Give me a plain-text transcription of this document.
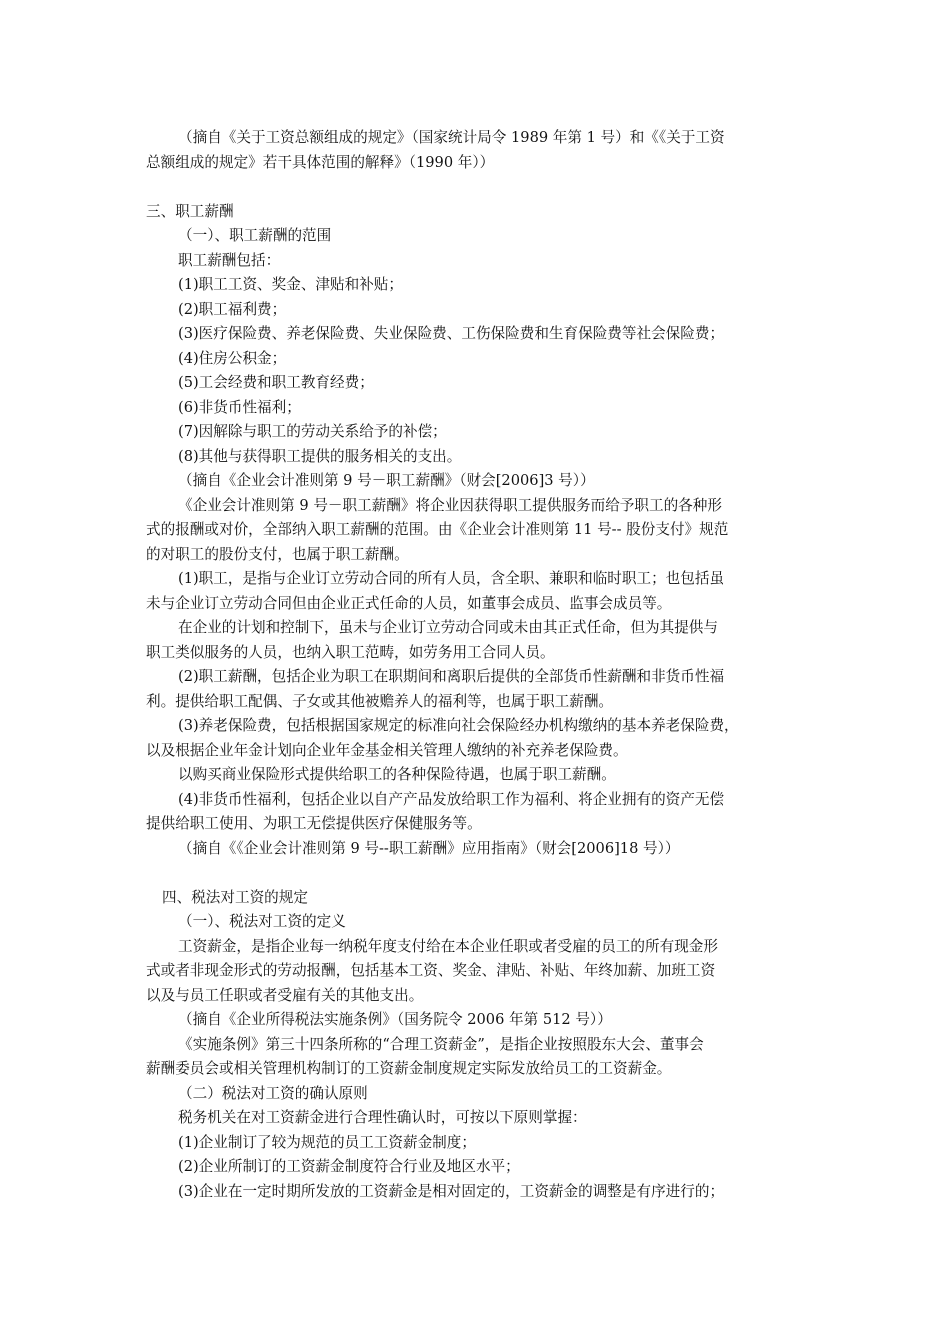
（摘自《关于工资总额组成的规定》（国家统计局令 1989 年第 1 号）和《《关于工资

总额组成的规定》若干具体范围的解释》（1990 年））

三、职工薪酬

（一）、职工薪酬的范围

职工薪酬包括：

(1)职工工资、奖金、津贴和补贴；

(2)职工福利费；

(3)医疗保险费、养老保险费、失业保险费、工伤保险费和生育保险费等社会保险费；

(4)住房公积金；

(5)工会经费和职工教育经费；

(6)非货币性福利；

(7)因解除与职工的劳动关系给予的补偿；

(8)其他与获得职工提供的服务相关的支出。

（摘自《企业会计准则第 9 号－职工薪酬》（财会[2006]3 号））

《企业会计准则第 9 号－职工薪酬》将企业因获得职工提供服务而给予职工的各种形

式的报酬或对价，全部纳入职工薪酬的范围。由《企业会计准则第 11 号-- 股份支付》规范

的对职工的股份支付，也属于职工薪酬。

(1)职工，是指与企业订立劳动合同的所有人员，含全职、兼职和临时职工；也包括虽

未与企业订立劳动合同但由企业正式任命的人员，如董事会成员、监事会成员等。

在企业的计划和控制下，虽未与企业订立劳动合同或未由其正式任命，但为其提供与

职工类似服务的人员，也纳入职工范畴，如劳务用工合同人员。

(2)职工薪酬，包括企业为职工在职期间和离职后提供的全部货币性薪酬和非货币性福

利。提供给职工配偶、子女或其他被赡养人的福利等，也属于职工薪酬。

(3)养老保险费，包括根据国家规定的标准向社会保险经办机构缴纳的基本养老保险费，

以及根据企业年金计划向企业年金基金相关管理人缴纳的补充养老保险费。

以购买商业保险形式提供给职工的各种保险待遇，也属于职工薪酬。

(4)非货币性福利，包括企业以自产产品发放给职工作为福利、将企业拥有的资产无偿

提供给职工使用、为职工无偿提供医疗保健服务等。

（摘自《《企业会计准则第 9 号--职工薪酬》应用指南》（财会[2006]18 号））

四、税法对工资的规定

（一）、税法对工资的定义

工资薪金，是指企业每一纳税年度支付给在本企业任职或者受雇的员工的所有现金形

式或者非现金形式的劳动报酬，包括基本工资、奖金、津贴、补贴、年终加薪、加班工资

以及与员工任职或者受雇有关的其他支出。

（摘自《企业所得税法实施条例》（国务院令 2006 年第 512 号））

《实施条例》第三十四条所称的“合理工资薪金”，是指企业按照股东大会、董事会

薪酬委员会或相关管理机构制订的工资薪金制度规定实际发放给员工的工资薪金。

（二）税法对工资的确认原则

税务机关在对工资薪金进行合理性确认时，可按以下原则掌握：

(1)企业制订了较为规范的员工工资薪金制度；

(2)企业所制订的工资薪金制度符合行业及地区水平；

(3)企业在一定时期所发放的工资薪金是相对固定的，工资薪金的调整是有序进行的；
